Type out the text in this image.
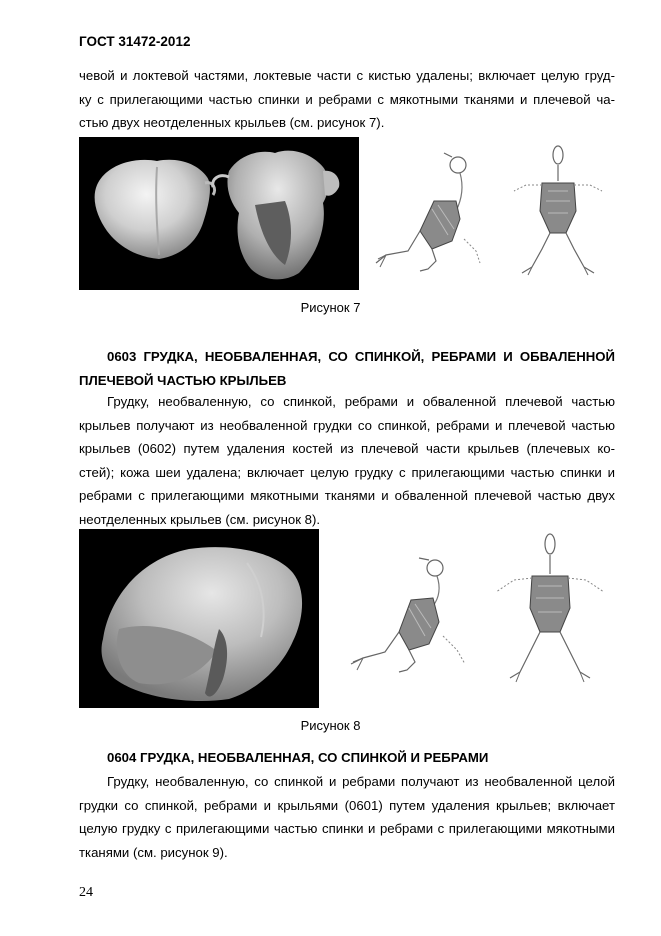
ГОСТ 31472-2012
чевой и локтевой частями, локтевые части с кистью удалены; включает целую груд-
ку с прилегающими частью спинки и ребрами с мякотными тканями и плечевой ча-
стью двух неотделенных крыльев (см. рисунок 7).
Рисунок 7
0603 ГРУДКА, НЕОБВАЛЕННАЯ, СО СПИНКОЙ, РЕБРАМИ И ОБВАЛЕННОЙ
ПЛЕЧЕВОЙ ЧАСТЬЮ КРЫЛЬЕВ
Грудку, необваленную, со спинкой, ребрами и обваленной плечевой частью
крыльев получают из необваленной грудки со спинкой, ребрами и плечевой частью
крыльев (0602) путем удаления костей из плечевой части крыльев (плечевых ко-
стей); кожа шеи удалена; включает целую грудку с прилегающими частью спинки и
ребрами с прилегающими мякотными тканями и обваленной плечевой частью двух
неотделенных крыльев (см. рисунок 8).
Рисунок 8
0604 ГРУДКА, НЕОБВАЛЕННАЯ, СО СПИНКОЙ И РЕБРАМИ
Грудку, необваленную, со спинкой и ребрами получают из необваленной целой
грудки со спинкой, ребрами и крыльями (0601) путем удаления крыльев; включает
целую грудку с прилегающими частью спинки и ребрами с прилегающими мякотными
тканями (см. рисунок 9).
24
